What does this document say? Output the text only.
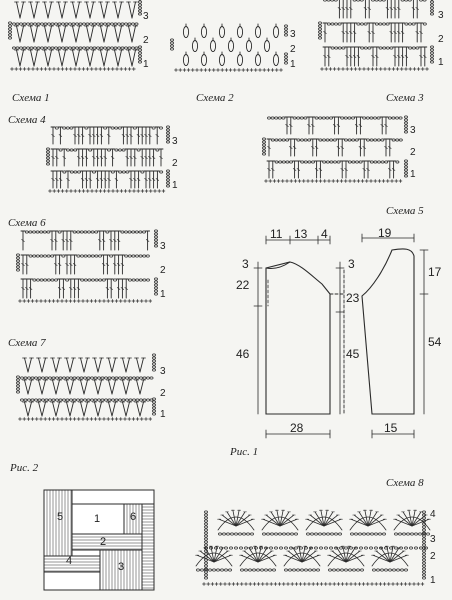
Схема 1	Схема 2	Схема 3
Схема 4
Схема 5
Схема 6
Схема 7
Схема 8
Рис. 1
Рис. 2
3
2
1
3
2
1
3
2
1
3
2
1
3
2
1
3
2
1
3
2
1
4
3
2
1
11 13 4	19
3
22
46
3
23
45
17
54
28	15
1
2
3
4
5	6
